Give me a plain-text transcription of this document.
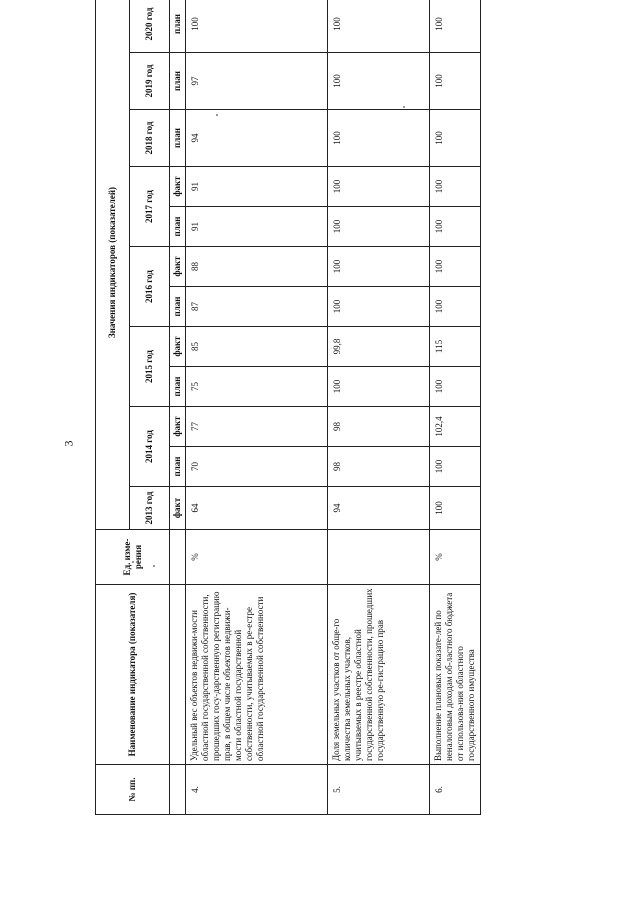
3
№ пп.	Наименование индикатора (показателя)	Ед. изме-рения	Значения индикаторов (показателей)											
			2013 год	2014 год		2015 год		2016 год		2017 год		2018 год	2019 год	2020 год
			факт	план	факт	план	факт	план	факт	план	факт	план	план	план
4.	Удельный вес объектов недвижи-мости областной государственной собственности, прошедших госу-дарственную регистрацию прав, в общем числе объектов недвижи-мости областной государственной собственности, учитываемых в ре-естре областной государственной собственности	%	64	70	77	75	85	87	88	91	91	94	97	100
5.	Доля земельных участков от обще-го количества земельных участков, учитываемых в реестре областной государственной собственности, прошедших государственную ре-гистрацию прав		94	98	98	100	99,8	100	100	100	100	100	100	100
6.	Выполнение плановых показате-лей по неналоговым доходам об-ластного бюджета от использова-ния областного государственного имущества	%	100	100	102,4	100	115	100	100	100	100	100	100	100
